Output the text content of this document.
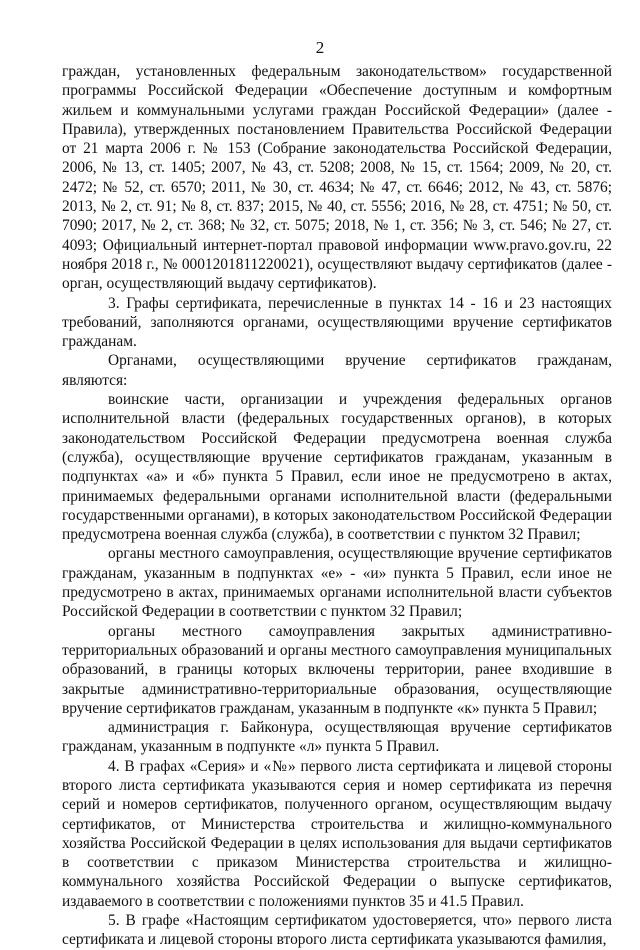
2

граждан, установленных федеральным законодательством» государственной программы Российской Федерации «Обеспечение доступным и комфортным жильем и коммунальными услугами граждан Российской Федерации» (далее - Правила), утвержденных постановлением Правительства Российской Федерации от 21 марта 2006 г. № 153 (Собрание законодательства Российской Федерации, 2006, № 13, ст. 1405; 2007, № 43, ст. 5208; 2008, № 15, ст. 1564; 2009, № 20, ст. 2472; № 52, ст. 6570; 2011, № 30, ст. 4634; № 47, ст. 6646; 2012, № 43, ст. 5876; 2013, № 2, ст. 91; № 8, ст. 837; 2015, № 40, ст. 5556; 2016, № 28, ст. 4751; № 50, ст. 7090; 2017, № 2, ст. 368; № 32, ст. 5075; 2018, № 1, ст. 356; № 3, ст. 546; № 27, ст. 4093; Официальный интернет-портал правовой информации www.pravo.gov.ru, 22 ноября 2018 г., № 0001201811220021), осуществляют выдачу сертификатов (далее - орган, осуществляющий выдачу сертификатов).

3. Графы сертификата, перечисленные в пунктах 14 - 16 и 23 настоящих требований, заполняются органами, осуществляющими вручение сертификатов гражданам.

Органами, осуществляющими вручение сертификатов гражданам, являются:

воинские части, организации и учреждения федеральных органов исполнительной власти (федеральных государственных органов), в которых законодательством Российской Федерации предусмотрена военная служба (служба), осуществляющие вручение сертификатов гражданам, указанным в подпунктах «а» и «б» пункта 5 Правил, если иное не предусмотрено в актах, принимаемых федеральными органами исполнительной власти (федеральными государственными органами), в которых законодательством Российской Федерации предусмотрена военная служба (служба), в соответствии с пунктом 32 Правил;

органы местного самоуправления, осуществляющие вручение сертификатов гражданам, указанным в подпунктах «е» - «и» пункта 5 Правил, если иное не предусмотрено в актах, принимаемых органами исполнительной власти субъектов Российской Федерации в соответствии с пунктом 32 Правил;

органы местного самоуправления закрытых административно-территориальных образований и органы местного самоуправления муниципальных образований, в границы которых включены территории, ранее входившие в закрытые административно-территориальные образования, осуществляющие вручение сертификатов гражданам, указанным в подпункте «к» пункта 5 Правил;

администрация г. Байконура, осуществляющая вручение сертификатов гражданам, указанным в подпункте «л» пункта 5 Правил.

4. В графах «Серия» и «№» первого листа сертификата и лицевой стороны второго листа сертификата указываются серия и номер сертификата из перечня серий и номеров сертификатов, полученного органом, осуществляющим выдачу сертификатов, от Министерства строительства и жилищно-коммунального хозяйства Российской Федерации в целях использования для выдачи сертификатов в соответствии с приказом Министерства строительства и жилищно-коммунального хозяйства Российской Федерации о выпуске сертификатов, издаваемого в соответствии с положениями пунктов 35 и 41.5 Правил.

5. В графе «Настоящим сертификатом удостоверяется, что» первого листа сертификата и лицевой стороны второго листа сертификата указываются фамилия,
